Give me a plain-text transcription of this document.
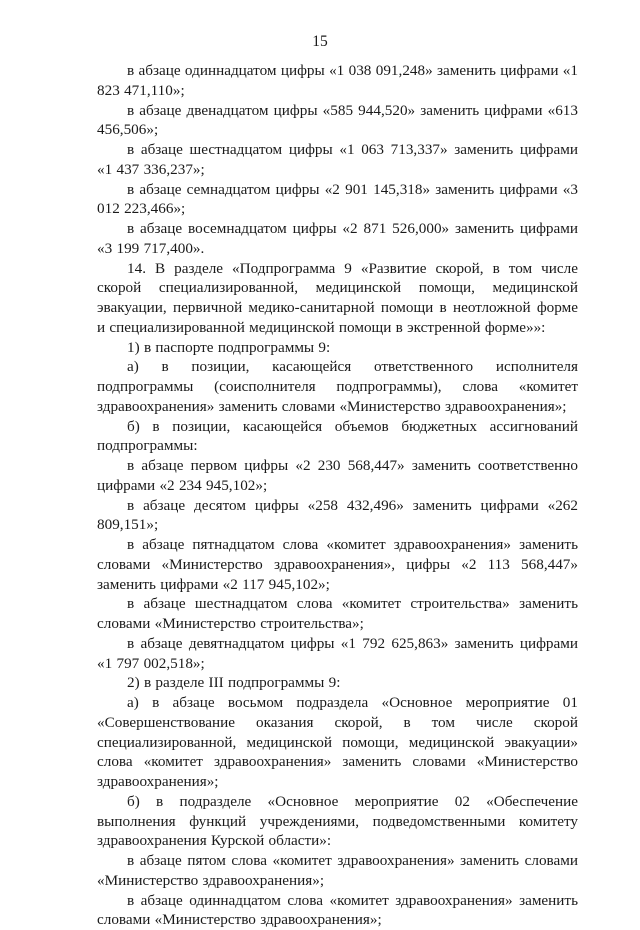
15

в абзаце одиннадцатом цифры «1 038 091,248» заменить цифрами «1 823 471,110»;

в абзаце двенадцатом цифры «585 944,520» заменить цифрами «613 456,506»;

в абзаце шестнадцатом цифры «1 063 713,337» заменить цифрами «1 437 336,237»;

в абзаце семнадцатом цифры «2 901 145,318» заменить цифрами «3 012 223,466»;

в абзаце восемнадцатом цифры «2 871 526,000» заменить цифрами «3 199 717,400».

14. В разделе «Подпрограмма 9 «Развитие скорой, в том числе скорой специализированной, медицинской помощи, медицинской эвакуации, первичной медико-санитарной помощи в неотложной форме и специализированной медицинской помощи в экстренной форме»»:

1) в паспорте подпрограммы 9:

а) в позиции, касающейся ответственного исполнителя подпрограммы (соисполнителя подпрограммы), слова «комитет здравоохранения» заменить словами «Министерство здравоохранения»;

б) в позиции, касающейся объемов бюджетных ассигнований подпрограммы:

в абзаце первом цифры «2 230 568,447» заменить соответственно цифрами «2 234 945,102»;

в абзаце десятом цифры «258 432,496» заменить цифрами «262 809,151»;

в абзаце пятнадцатом слова «комитет здравоохранения» заменить словами «Министерство здравоохранения», цифры «2 113 568,447» заменить цифрами «2 117 945,102»;

в абзаце шестнадцатом слова «комитет строительства» заменить словами «Министерство строительства»;

в абзаце девятнадцатом цифры «1 792 625,863» заменить цифрами «1 797 002,518»;

2) в разделе III подпрограммы 9:

а) в абзаце восьмом подраздела «Основное мероприятие 01 «Совершенствование оказания скорой, в том числе скорой специализированной, медицинской помощи, медицинской эвакуации» слова «комитет здравоохранения» заменить словами «Министерство здравоохранения»;

б) в подразделе «Основное мероприятие 02 «Обеспечение выполнения функций учреждениями, подведомственными комитету здравоохранения Курской области»:

в абзаце пятом слова «комитет здравоохранения» заменить словами «Министерство здравоохранения»;

в абзаце одиннадцатом слова «комитет здравоохранения» заменить словами «Министерство здравоохранения»;
